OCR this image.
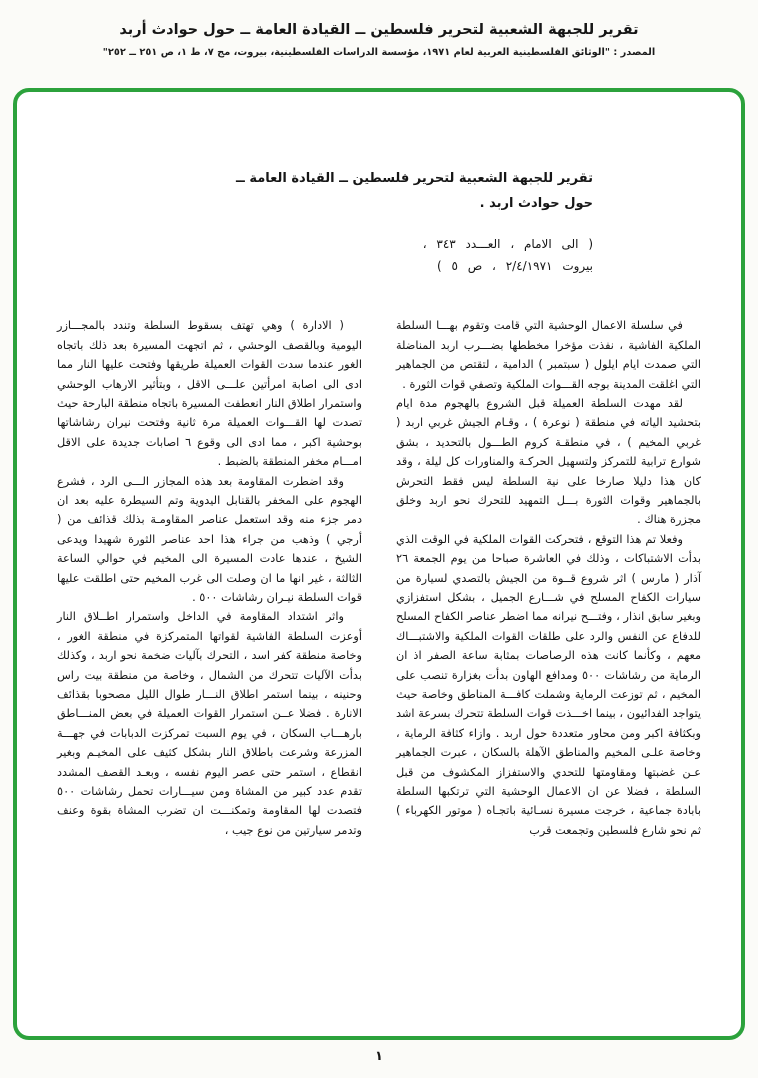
تقرير للجبهة الشعبية لتحرير فلسطين ــ القيادة العامة ــ حول حوادث أربد
المصدر : "الوثائق الفلسطينية العربية لعام ١٩٧١، مؤسسة الدراسات الفلسطينية، بيروت، مج ٧، ط ١، ص ٢٥١ ــ ٢٥٢"
تقرير للجبهة الشعبية لتحرير فلسطين ــ القيادة العامة ــ
حول حوادث اربد .
( الى الامام ، العـــدد ٣٤٣ ،
بيروت ٢/٤/١٩٧١ ، ص ٥ )

في سلسلة الاعمال الوحشية التي قامت وتقوم بهـــا السلطة الملكية الفاشية ، نفذت مؤخرا مخططها بضـــرب اربد المناضلة التي صمدت ايام ايلول ( سبتمبر ) الدامية ، لتقتص من الجماهير التي اغلقت المدينة بوجه القـــوات الملكية وتصفي قوات الثورة .

لقد مهدت السلطة العميلة قبل الشروع بالهجوم مدة ايام بتحشيد الياته في منطقة ( نوعرة ) ، وقـام الجيش غربي اربد ( غربي المخيم ) ، في منطقـة كروم الطـــول بالتحديد ، بشق شوارع ترابية للتمركز ولتسهيل الحركـة والمناورات كل ليلة ، وقد كان هذا دليلا صارخا على نية السلطة ليس فقط التحرش بالجماهير وقوات الثورة بـــل التمهيد للتحرك نحو اربد وخلق مجزرة هناك .

وفعلا تم هذا التوقع ، فتحركت القوات الملكية في الوقت الذي بدأت الاشتباكات ، وذلك في العاشرة صباحا من يوم الجمعة ٢٦ آذار ( مارس ) اثر شروع قــوة من الجيش بالتصدي لسيارة من سيارات الكفاح المسلح في شـــارع الجميل ، بشكل استفزازي وبغير سابق انذار ، وفتـــح نيرانه مما اضطر عناصر الكفاح المسلح للدفاع عن النفس والرد على طلقات القوات الملكية والاشتبـــاك معهم ، وكأنما كانت هذه الرصاصات بمثابة ساعة الصفر اذ ان الرماية من رشاشات ٥٠٠ ومدافع الهاون بدأت بغزارة تنصب على المخيم ، ثم توزعت الرماية وشملت كافـــة المناطق وخاصة حيث يتواجد الفدائيون ، بينما اخـــذت قوات السلطة تتحرك بسرعة اشد وبكثافة اكبر ومن محاور متعددة حول اربد . وازاء كثافة الرماية ، وخاصة علـى المخيم والمناطق الآهلة بالسكان ، عبرت الجماهير عـن غضبتها ومقاومتها للتحدي والاستفزاز المكشوف من قبل السلطة ، فضلا عن ان الاعمال الوحشية التي ترتكبها السلطة بابادة جماعية ، خرجت مسيرة نسـائية باتجـاه ( موتور الكهرباء ) ثم نحو شارع فلسطين وتجمعت قرب

( الادارة ) وهي تهتف بسقوط السلطة وتندد بالمجـــازر اليومية وبالقصف الوحشي ، ثم اتجهت المسيرة بعد ذلك باتجاه الغور عندما سدت القوات العميلة طريقها وفتحت عليها النار مما ادى الى اصابة امرأتين علـــى الاقل ، وبتأثير الارهاب الوحشي واستمرار اطلاق النار انعطفت المسيرة باتجاه منطقة البارحة حيث تصدت لها القـــوات العميلة مرة ثانية وفتحت نيران رشاشاتها بوحشية اكبر ، مما ادى الى وقوع ٦ اصابات جديدة على الاقل امـــام مخفر المنطقة بالضبط .

وقد اضطرت المقاومة بعد هذه المجازر الـــى الرد ، فشرع الهجوم على المخفر بالقنابل اليدوية وتم السيطرة عليه بعد ان دمر جزء منه وقد استعمل عناصر المقاومـة بذلك قذائف من ( أرجي ) وذهب من جراء هذا احد عناصر الثورة شهيدا ويدعى الشيخ ، عندها عادت المسيرة الى المخيم في حوالي الساعة الثالثة ، غير انها ما ان وصلت الى غرب المخيم حتى اطلقت عليها قوات السلطة نيـران رشاشات ٥٠٠ .

واثر اشتداد المقاومة في الداخل واستمرار اطــلاق النار أوعزت السلطة الفاشية لقواتها المتمركزة في منطقة الغور ، وخاصة منطقة كفر اسد ، التحرك بآليات ضخمة نحو اربد ، وكذلك بدأت الآليات تتحرك من الشمال ، وخاصة من منطقة بيت راس وحنينه ، بينما استمر اطلاق النـــار طوال الليل مصحوبا بقذائف الانارة . فضلا عــن استمرار القوات العميلة في بعض المنـــاطق بارهـــاب السكان ، في يوم السبت تمركزت الدبابات في جهـــة المزرعة وشرعت باطلاق النار بشكل كثيف على المخيـم وبغير انقطاع ، استمر حتى عصر اليوم نفسه ، وبعـد القصف المشدد تقدم عدد كبير من المشاة ومن سيـــارات تحمل رشاشات ٥٠٠ فتصدت لها المقاومة وتمكنـــت ان تضرب المشاة بقوة وعنف وتدمر سيارتين من نوع جيب ،

١
